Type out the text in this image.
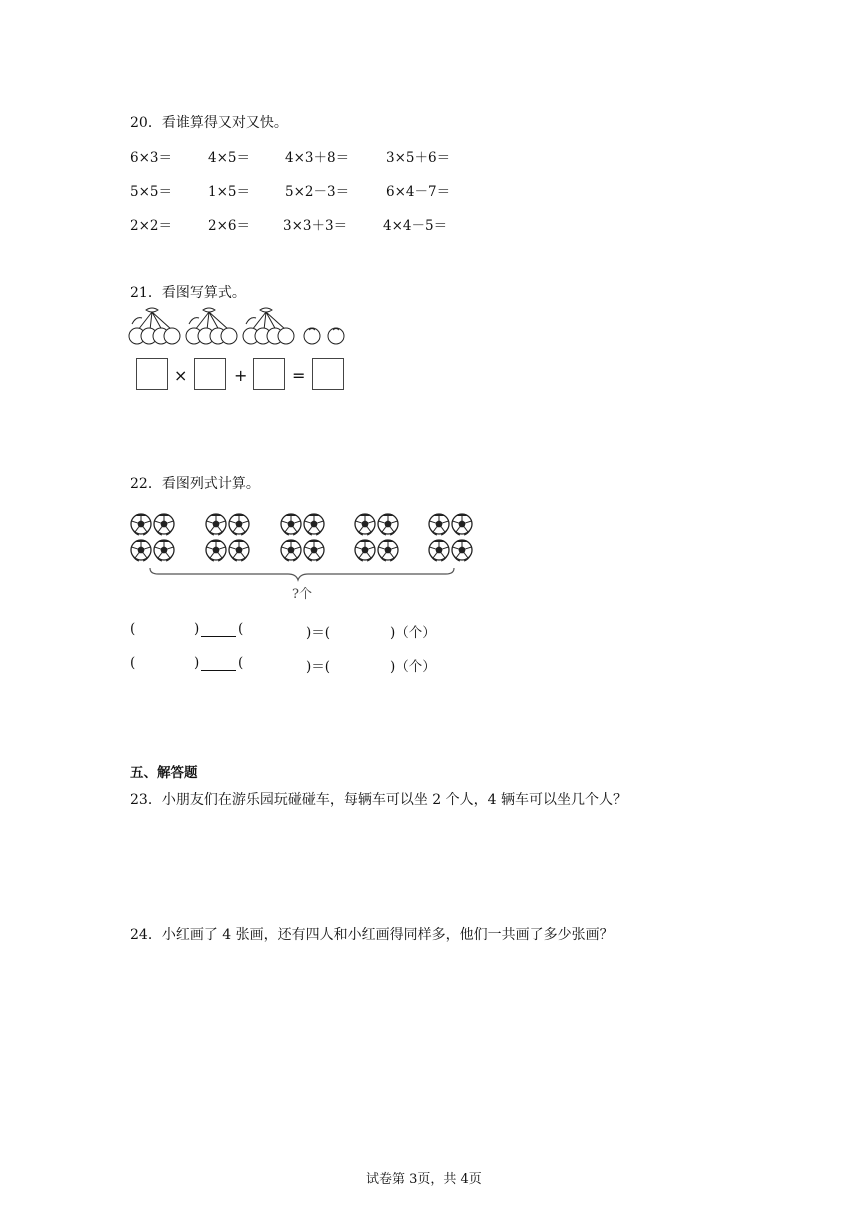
20．看谁算得又对又快。
6×3＝	4×5＝	4×3＋8＝	3×5＋6＝
5×5＝	1×5＝	5×2－3＝	6×4－7＝
2×2＝	2×6＝ 3×3＋3＝	4×4－5＝
21．看图写算式。
×	+	=
22．看图列式计算。
?个
(	)	(	)＝(	)（个）
(	)	(	)＝(	)（个）
五、解答题
23．小朋友们在游乐园玩碰碰车，每辆车可以坐 2 个人，4 辆车可以坐几个人？
24．小红画了 4 张画，还有四人和小红画得同样多，他们一共画了多少张画？
试卷第 3页，共 4页
